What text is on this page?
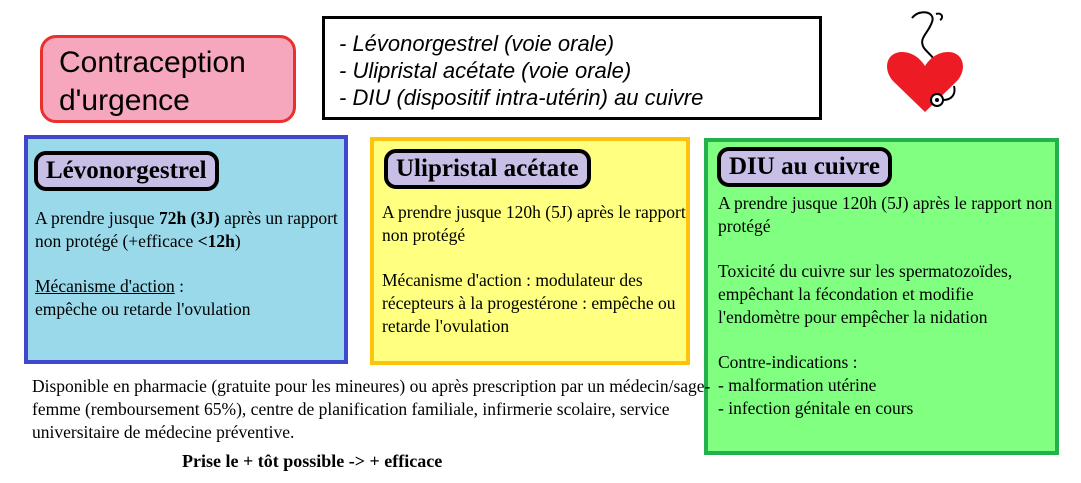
Contraception
d'urgence
- Lévonorgestrel (voie orale)
- Ulipristal acétate (voie orale)
- DIU (dispositif intra-utérin) au cuivre
Lévonorgestrel

A prendre jusque 72h (3J) après un rapport non protégé (+efficace <12h)

Mécanisme d'action :
empêche ou retarde l'ovulation

Ulipristal acétate

A prendre jusque 120h (5J) après le rapport non protégé

Mécanisme d'action : modulateur des récepteurs à la progestérone : empêche ou retarde l'ovulation

DIU au cuivre

A prendre jusque 120h (5J) après le rapport non protégé

Toxicité du cuivre sur les spermatozoïdes, empêchant la fécondation et modifie l'endomètre pour empêcher la nidation

Contre-indications :

- malformation utérine

- infection génitale en cours

Disponible en pharmacie (gratuite pour les mineures) ou après prescription par un médecin/sage-femme (remboursement 65%), centre de planification familiale, infirmerie scolaire, service universitaire de médecine préventive.
Prise le + tôt possible -> + efficace
